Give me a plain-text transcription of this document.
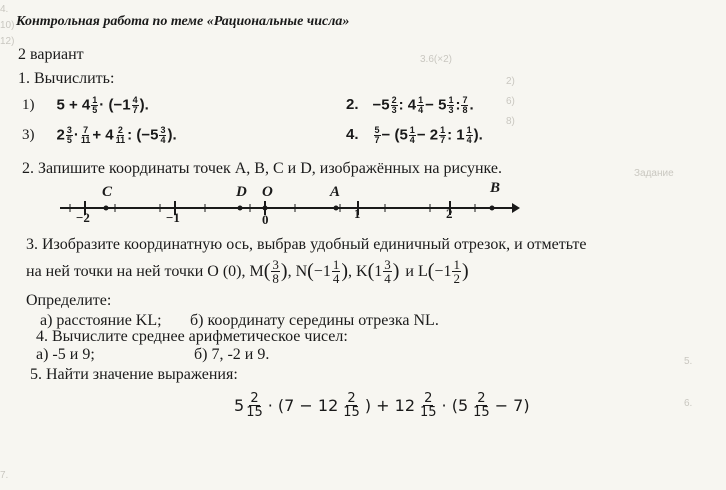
3.6(×2)
2)
6)
8)
Контрольная работа по теме «Рациональные числа»
2 вариант
1. Вычислить:
1) $5 + 4 \frac{1}{5} \cdot (-1 \frac{4}{7}$ ).	2. $-5 \frac{2}{3}$ : $4 \frac{1}{4} - 5 \frac{1}{3}$ : $\frac{7}{8}$ .
3) $2 \frac{3}{5} \cdot \frac{7}{11} + 4 \frac{2}{11}$ : ($-5 \frac{3}{4}$ ).	4. $\frac{5}{7} - (5 \frac{1}{4} - 2 \frac{1}{7}$ : $1 \frac{1}{4}$ ).
2. Запишите координаты точек A, B, C и D, изображённых на рисунке.
C	D O	A	B
−2	−1	0	1	2
3. Изобразите координатную ось, выбрав удобный единичный отрезок, и отметьте
на ней точки на ней точки O (0), M ( $\frac{3}{8}$ ) , N ( $-1 \frac{1}{4}$ ) , K ( $1 \frac{3}{4}$ ) и L ( $-1 \frac{1}{2}$ )
Определите:
а) расстояние KL; б) координату середины отрезка NL.
4. Вычислите среднее арифметическое чисел:
а) -5 и 9;	б) 7, -2 и 9.
5. Найти значение выражения:
$5 \frac{2}{15} \cdot (7 - 12 \frac{2}{15}$ ) + $12 \frac{2}{15} \cdot (5 \frac{2}{15} - 7)$
Задание
5.
6.
4.
10)
12)
7.
